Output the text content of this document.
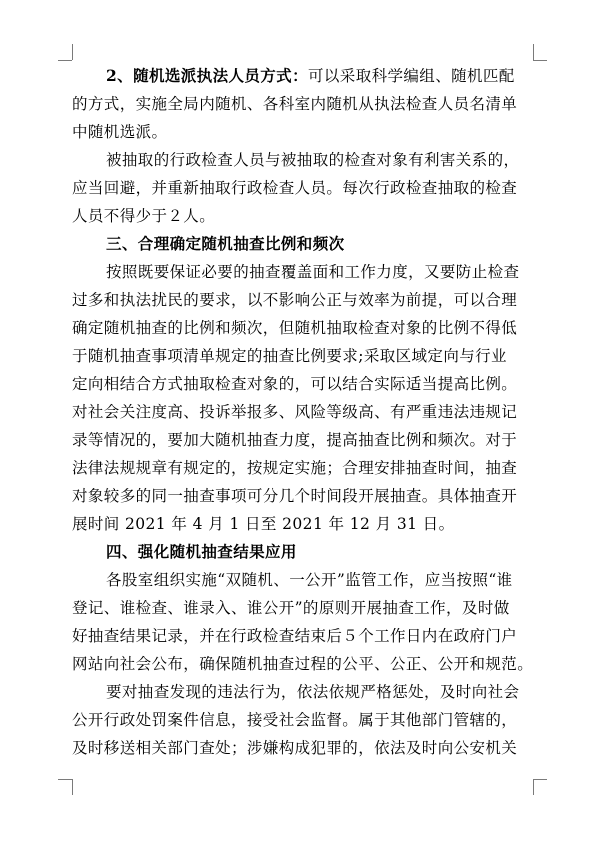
2、随机选派执法人员方式：可以采取科学编组、随机匹配
的方式，实施全局内随机、各科室内随机从执法检查人员名清单
中随机选派。
被抽取的行政检查人员与被抽取的检查对象有利害关系的，
应当回避，并重新抽取行政检查人员。每次行政检查抽取的检查
人员不得少于２人。
三、合理确定随机抽查比例和频次
按照既要保证必要的抽查覆盖面和工作力度，又要防止检查
过多和执法扰民的要求，以不影响公正与效率为前提，可以合理
确定随机抽查的比例和频次，但随机抽取检查对象的比例不得低
于随机抽查事项清单规定的抽查比例要求;采取区域定向与行业
定向相结合方式抽取检查对象的，可以结合实际适当提高比例。
对社会关注度高、投诉举报多、风险等级高、有严重违法违规记
录等情况的，要加大随机抽查力度，提高抽查比例和频次。对于
法律法规规章有规定的，按规定实施；合理安排抽查时间，抽查
对象较多的同一抽查事项可分几个时间段开展抽查。具体抽查开
展时间 2021 年 4 月 1 日至 2021 年 12 月 31 日。
四、强化随机抽查结果应用
各股室组织实施“双随机、一公开”监管工作，应当按照“谁
登记、谁检查、谁录入、谁公开”的原则开展抽查工作，及时做
好抽查结果记录，并在行政检查结束后５个工作日内在政府门户
网站向社会公布，确保随机抽查过程的公平、公正、公开和规范。
要对抽查发现的违法行为，依法依规严格惩处，及时向社会
公开行政处罚案件信息，接受社会监督。属于其他部门管辖的，
及时移送相关部门查处；涉嫌构成犯罪的，依法及时向公安机关
